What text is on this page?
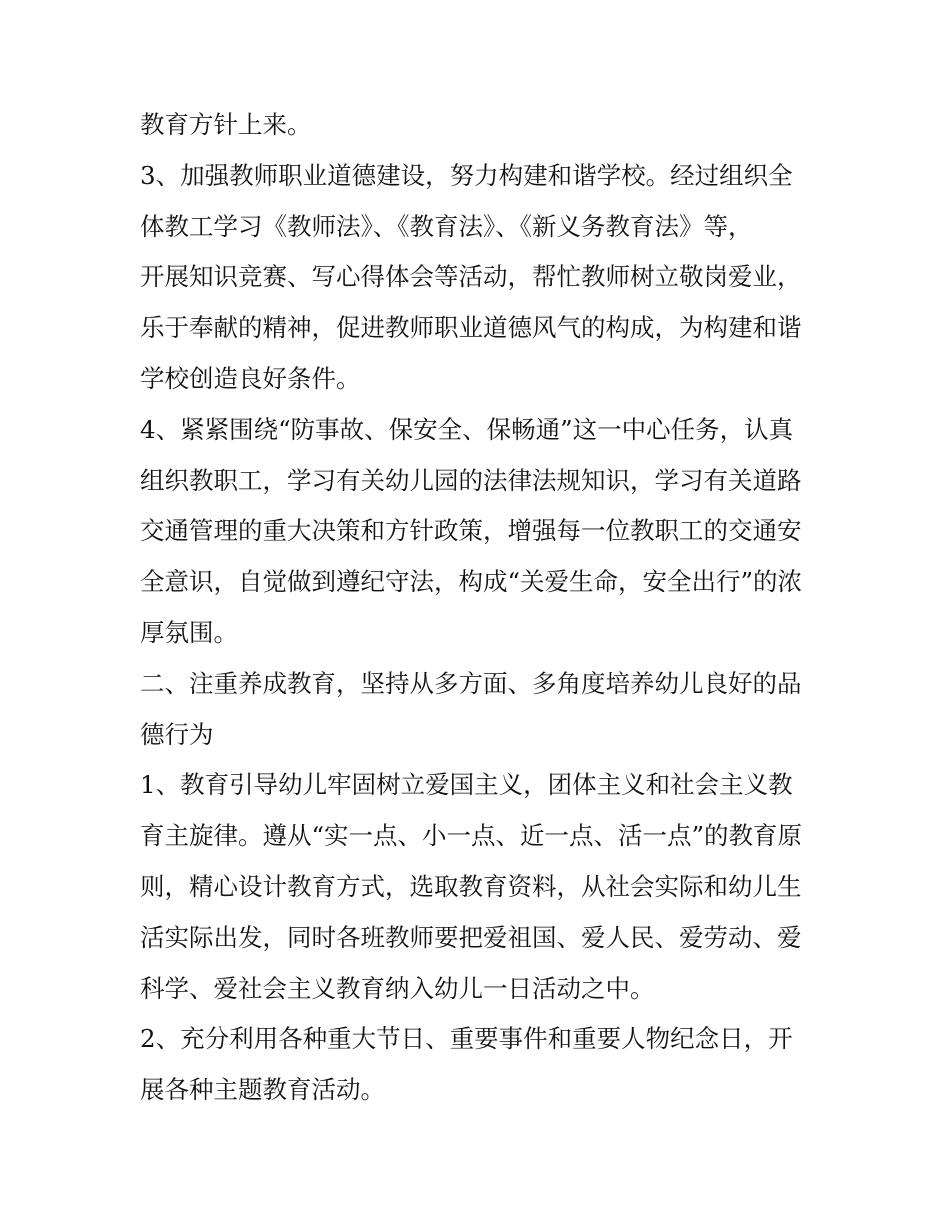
教育方针上来。

3、加强教师职业道德建设，努力构建和谐学校。经过组织全
体教工学习《教师法》、《教育法》、《新义务教育法》等，
开展知识竞赛、写心得体会等活动，帮忙教师树立敬岗爱业，
乐于奉献的精神，促进教师职业道德风气的构成，为构建和谐
学校创造良好条件。

4、紧紧围绕“防事故、保安全、保畅通”这一中心任务，认真
组织教职工，学习有关幼儿园的法律法规知识，学习有关道路
交通管理的重大决策和方针政策，增强每一位教职工的交通安
全意识，自觉做到遵纪守法，构成“关爱生命，安全出行”的浓
厚氛围。

二、注重养成教育，坚持从多方面、多角度培养幼儿良好的品
德行为

1、教育引导幼儿牢固树立爱国主义，团体主义和社会主义教
育主旋律。遵从“实一点、小一点、近一点、活一点”的教育原
则，精心设计教育方式，选取教育资料，从社会实际和幼儿生
活实际出发，同时各班教师要把爱祖国、爱人民、爱劳动、爱
科学、爱社会主义教育纳入幼儿一日活动之中。

2、充分利用各种重大节日、重要事件和重要人物纪念日，开
展各种主题教育活动。
